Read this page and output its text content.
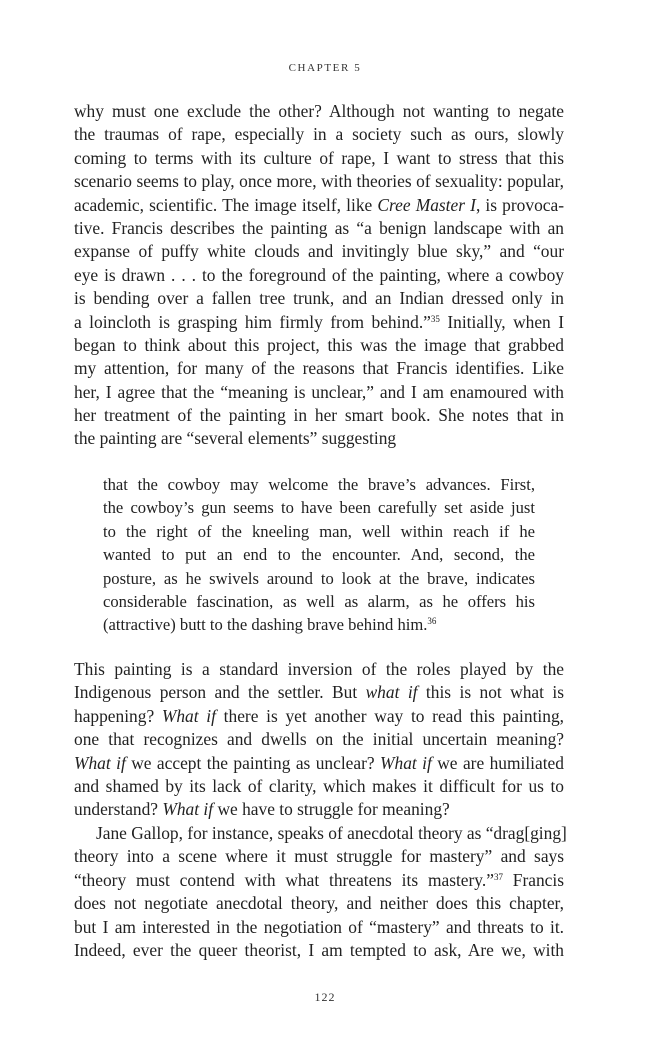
CHAPTER 5
why must one exclude the other? Although not wanting to negate
the traumas of rape, especially in a society such as ours, slowly
coming to terms with its culture of rape, I want to stress that this
scenario seems to play, once more, with theories of sexuality: popular,
academic, scientific. The image itself, like Cree Master I, is provoca-
tive. Francis describes the painting as “a benign landscape with an
expanse of puffy white clouds and invitingly blue sky,” and “our
eye is drawn . . . to the foreground of the painting, where a cowboy
is bending over a fallen tree trunk, and an Indian dressed only in
a loincloth is grasping him firmly from behind.”$^{35}$ Initially, when I
began to think about this project, this was the image that grabbed
my attention, for many of the reasons that Francis identifies. Like
her, I agree that the “meaning is unclear,” and I am enamoured with
her treatment of the painting in her smart book. She notes that in
the painting are “several elements” suggesting
that the cowboy may welcome the brave’s advances. First,
the cowboy’s gun seems to have been carefully set aside just
to the right of the kneeling man, well within reach if he
wanted to put an end to the encounter. And, second, the
posture, as he swivels around to look at the brave, indicates
considerable fascination, as well as alarm, as he offers his
(attractive) butt to the dashing brave behind him.$^{36}$
This painting is a standard inversion of the roles played by the
Indigenous person and the settler. But what if this is not what is
happening? What if there is yet another way to read this painting,
one that recognizes and dwells on the initial uncertain meaning?
What if we accept the painting as unclear? What if we are humiliated
and shamed by its lack of clarity, which makes it difficult for us to
understand? What if we have to struggle for meaning?
Jane Gallop, for instance, speaks of anecdotal theory as “drag[ging]
theory into a scene where it must struggle for mastery” and says
“theory must contend with what threatens its mastery.”$^{37}$ Francis
does not negotiate anecdotal theory, and neither does this chapter,
but I am interested in the negotiation of “mastery” and threats to it.
Indeed, ever the queer theorist, I am tempted to ask, Are we, with
122
